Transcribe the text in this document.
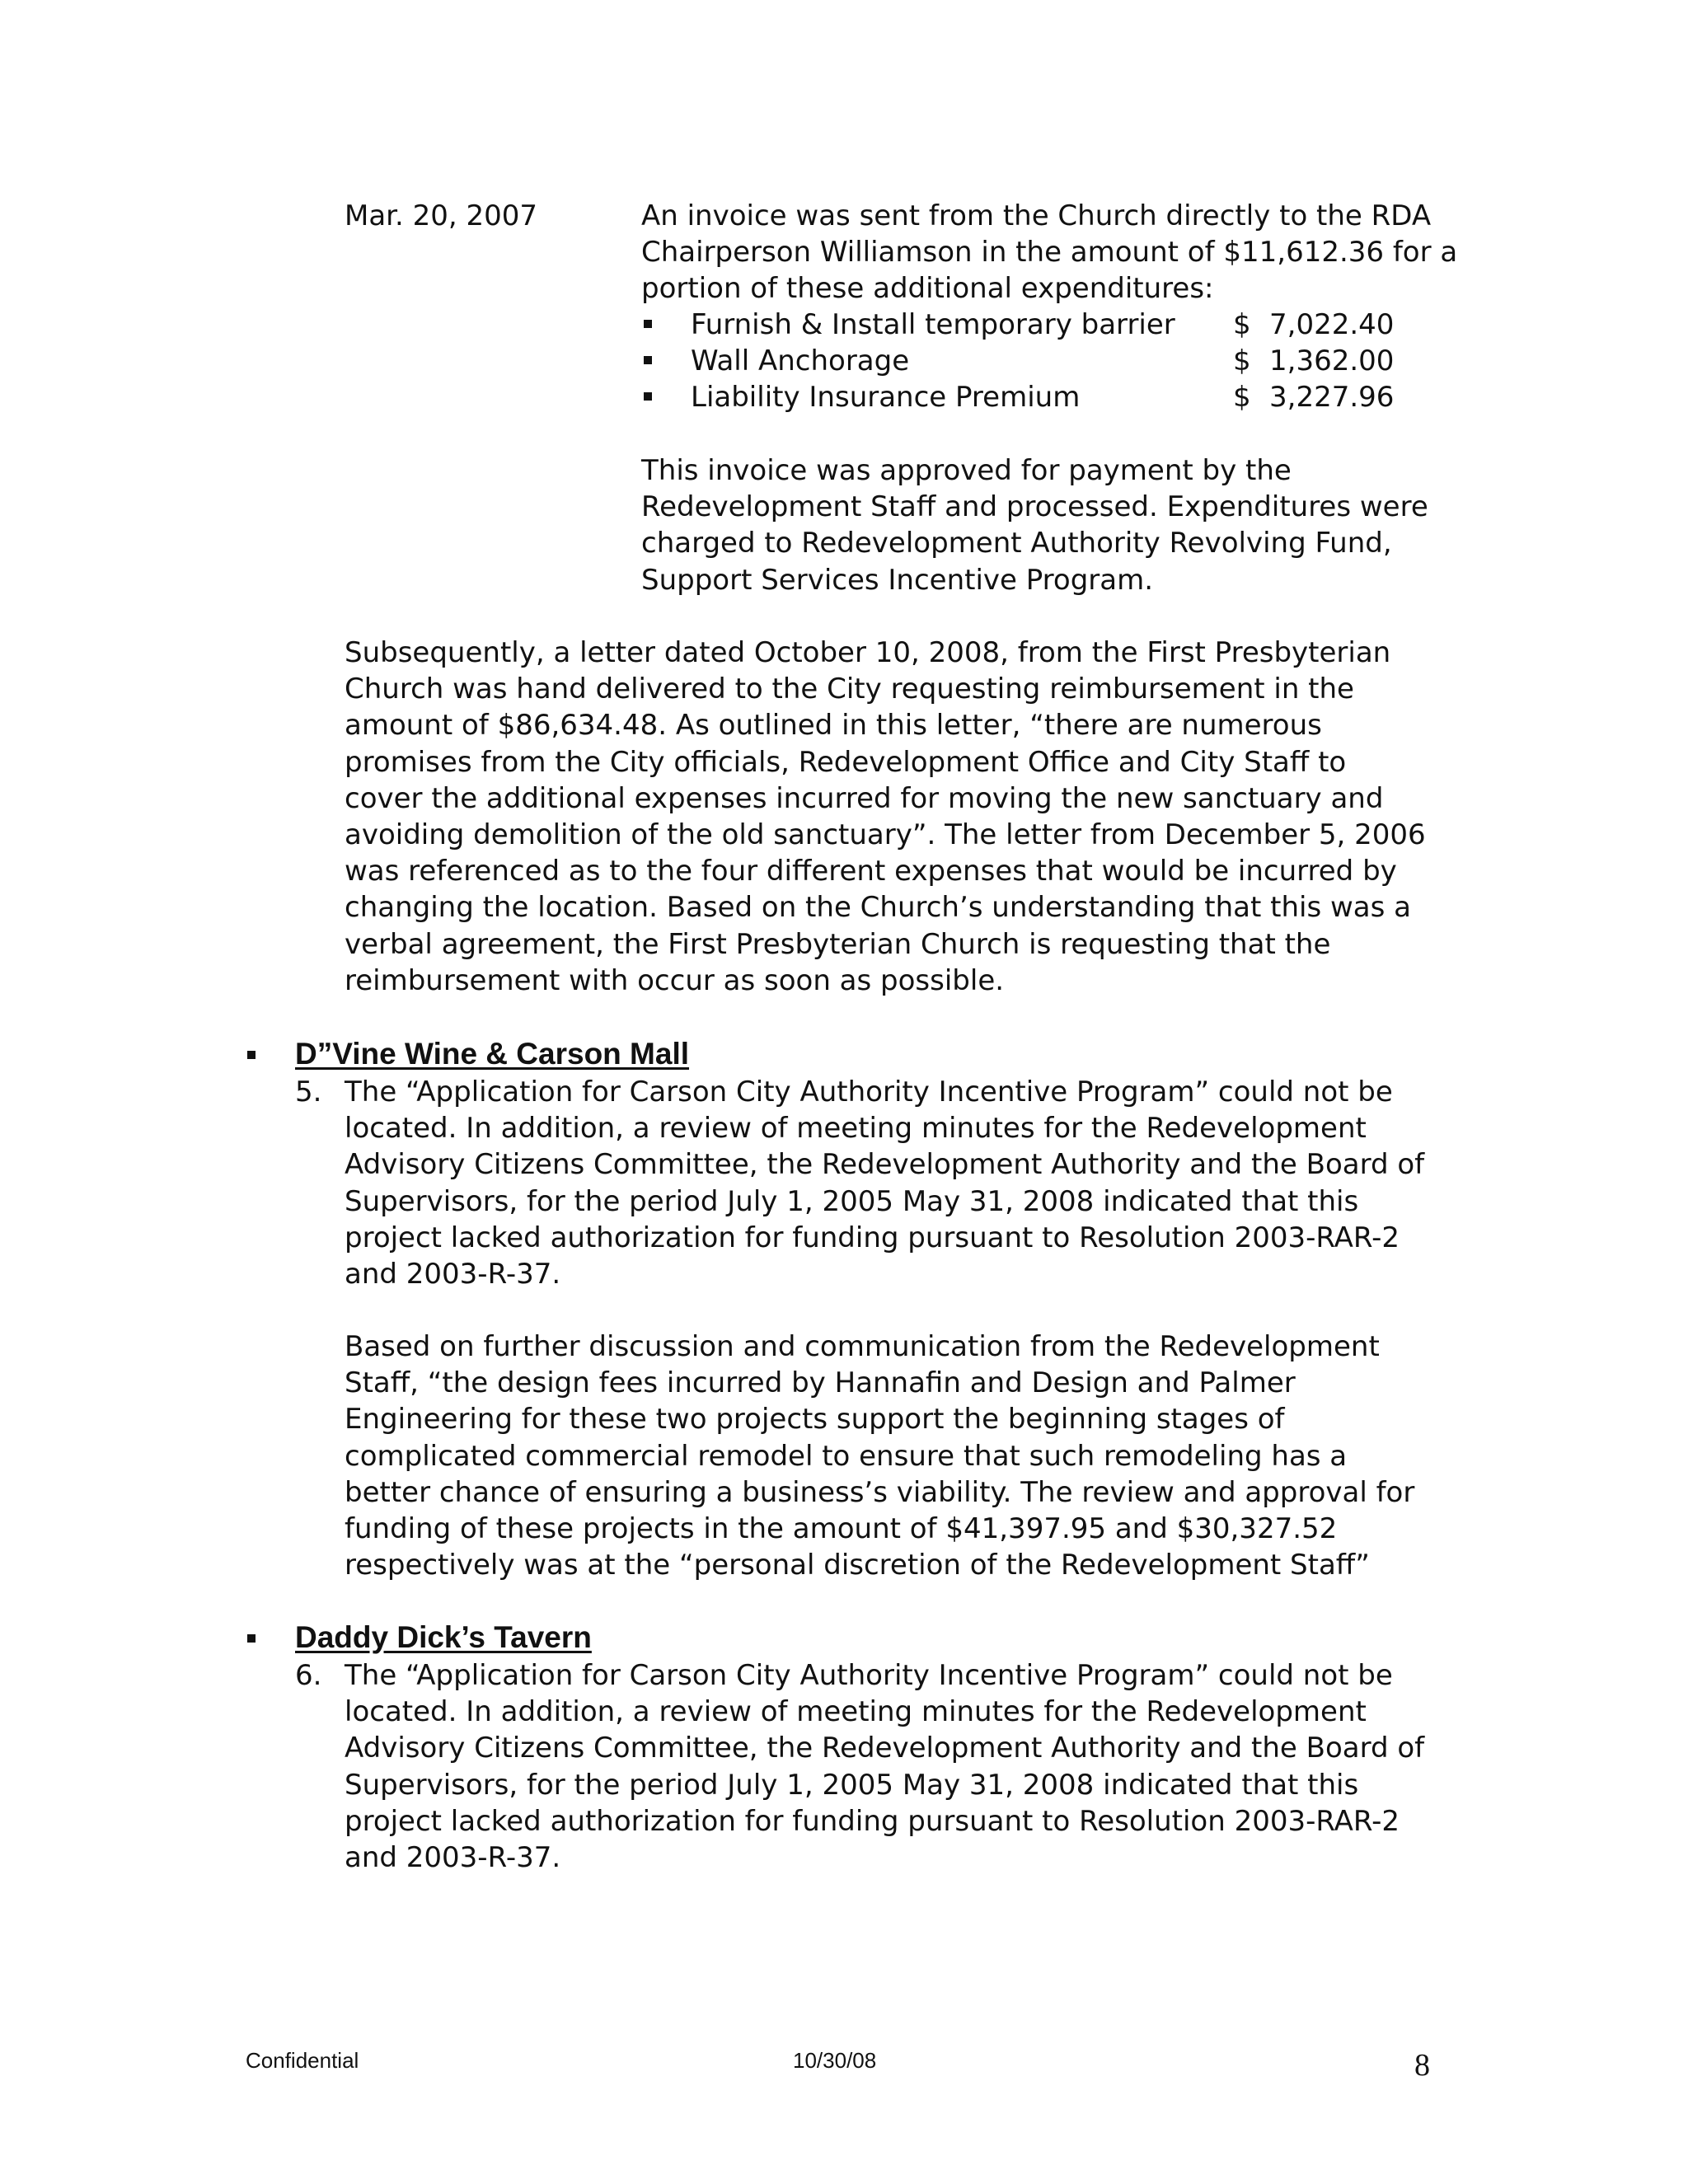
Mar. 20, 2007	An invoice was sent from the Church directly to the RDA Chairperson Williamson in the amount of $11,612.36 for a portion of these additional expenditures:
Furnish & Install temporary barrier $ 7,022.40
Wall Anchorage	$ 1,362.00
Liability Insurance Premium	$ 3,227.96
This invoice was approved for payment by the Redevelopment Staff and processed. Expenditures were charged to Redevelopment Authority Revolving Fund, Support Services Incentive Program.
Subsequently, a letter dated October 10, 2008, from the First Presbyterian Church was hand delivered to the City requesting reimbursement in the amount of $86,634.48. As outlined in this letter, “there are numerous promises from the City officials, Redevelopment Office and City Staff to cover the additional expenses incurred for moving the new sanctuary and avoiding demolition of the old sanctuary”. The letter from December 5, 2006 was referenced as to the four different expenses that would be incurred by changing the location. Based on the Church’s understanding that this was a verbal agreement, the First Presbyterian Church is requesting that the reimbursement with occur as soon as possible.
D”Vine Wine & Carson Mall
5. The “Application for Carson City Authority Incentive Program” could not be located. In addition, a review of meeting minutes for the Redevelopment Advisory Citizens Committee, the Redevelopment Authority and the Board of Supervisors, for the period July 1, 2005 May 31, 2008 indicated that this project lacked authorization for funding pursuant to Resolution 2003-RAR-2 and 2003-R-37.
Based on further discussion and communication from the Redevelopment Staff, “the design fees incurred by Hannafin and Design and Palmer Engineering for these two projects support the beginning stages of complicated commercial remodel to ensure that such remodeling has a better chance of ensuring a business’s viability. The review and approval for funding of these projects in the amount of $41,397.95 and $30,327.52 respectively was at the “personal discretion of the Redevelopment Staff”
Daddy Dick’s Tavern
6. The “Application for Carson City Authority Incentive Program” could not be located. In addition, a review of meeting minutes for the Redevelopment Advisory Citizens Committee, the Redevelopment Authority and the Board of Supervisors, for the period July 1, 2005 May 31, 2008 indicated that this project lacked authorization for funding pursuant to Resolution 2003-RAR-2 and 2003-R-37.
Confidential	10/30/08	8
